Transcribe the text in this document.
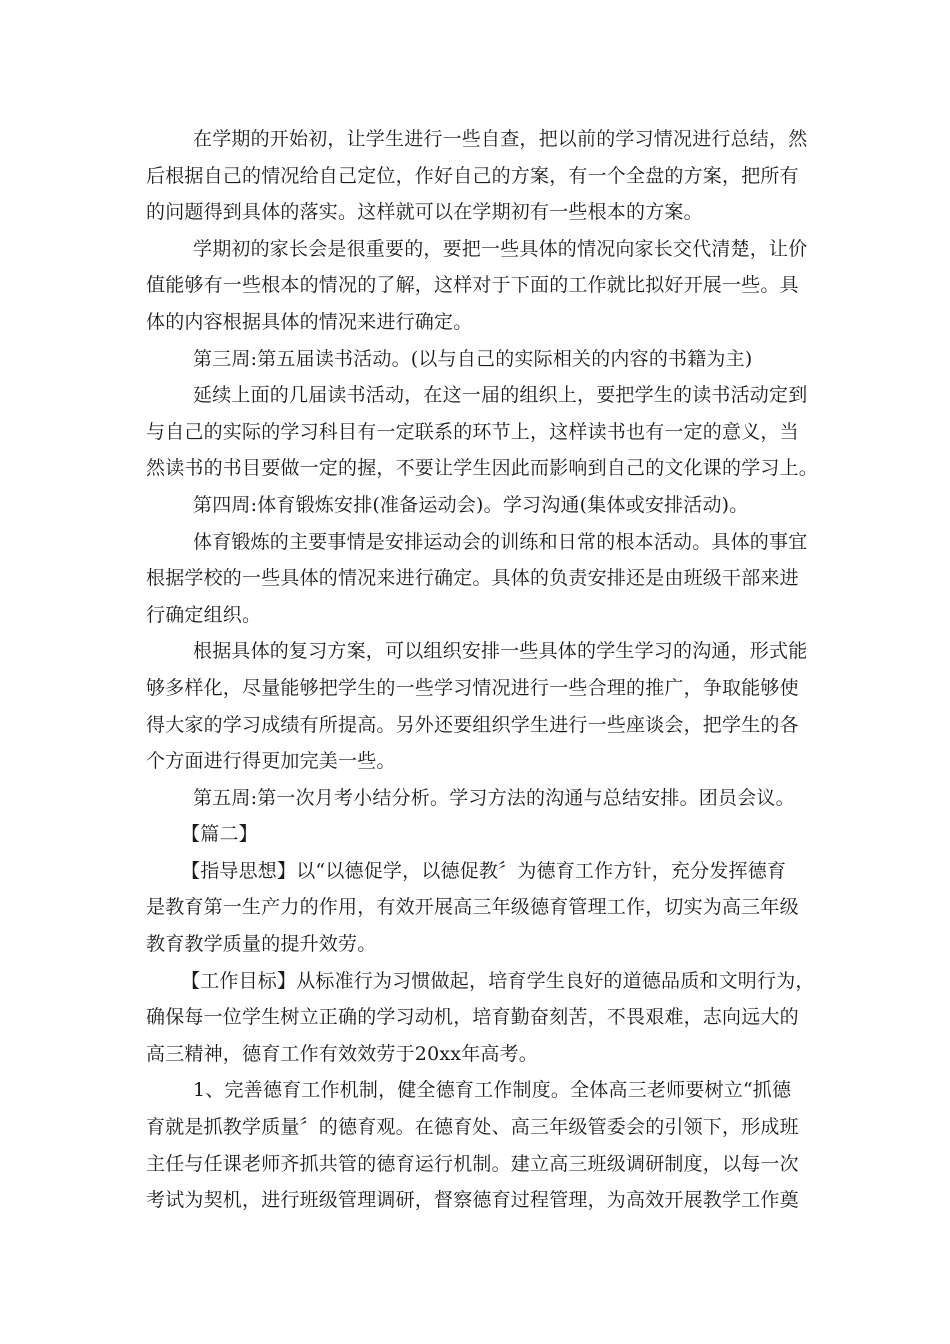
在学期的开始初，让学生进行一些自查，把以前的学习情况进行总结，然
后根据自己的情况给自己定位，作好自己的方案，有一个全盘的方案，把所有
的问题得到具体的落实。这样就可以在学期初有一些根本的方案。
学期初的家长会是很重要的，要把一些具体的情况向家长交代清楚，让价
值能够有一些根本的情况的了解，这样对于下面的工作就比拟好开展一些。具
体的内容根据具体的情况来进行确定。
第三周:第五届读书活动。(以与自己的实际相关的内容的书籍为主)
延续上面的几届读书活动，在这一届的组织上，要把学生的读书活动定到
与自己的实际的学习科目有一定联系的环节上，这样读书也有一定的意义，当
然读书的书目要做一定的握，不要让学生因此而影响到自己的文化课的学习上。
第四周:体育锻炼安排(准备运动会)。学习沟通(集体或安排活动)。
体育锻炼的主要事情是安排运动会的训练和日常的根本活动。具体的事宜
根据学校的一些具体的情况来进行确定。具体的负责安排还是由班级干部来进
行确定组织。
根据具体的复习方案，可以组织安排一些具体的学生学习的沟通，形式能
够多样化，尽量能够把学生的一些学习情况进行一些合理的推广，争取能够使
得大家的学习成绩有所提高。另外还要组织学生进行一些座谈会，把学生的各
个方面进行得更加完美一些。
第五周:第一次月考小结分析。学习方法的沟通与总结安排。团员会议。
【篇二】
【指导思想】以“以德促学，以德促教〞为德育工作方针，充分发挥德育
是教育第一生产力的作用，有效开展高三年级德育管理工作，切实为高三年级
教育教学质量的提升效劳。
【工作目标】从标准行为习惯做起，培育学生良好的道德品质和文明行为，
确保每一位学生树立正确的学习动机，培育勤奋刻苦，不畏艰难，志向远大的
高三精神，德育工作有效效劳于20xx年高考。
1、完善德育工作机制，健全德育工作制度。全体高三老师要树立“抓德
育就是抓教学质量〞的德育观。在德育处、高三年级管委会的引领下，形成班
主任与任课老师齐抓共管的德育运行机制。建立高三班级调研制度，以每一次
考试为契机，进行班级管理调研，督察德育过程管理，为高效开展教学工作奠
